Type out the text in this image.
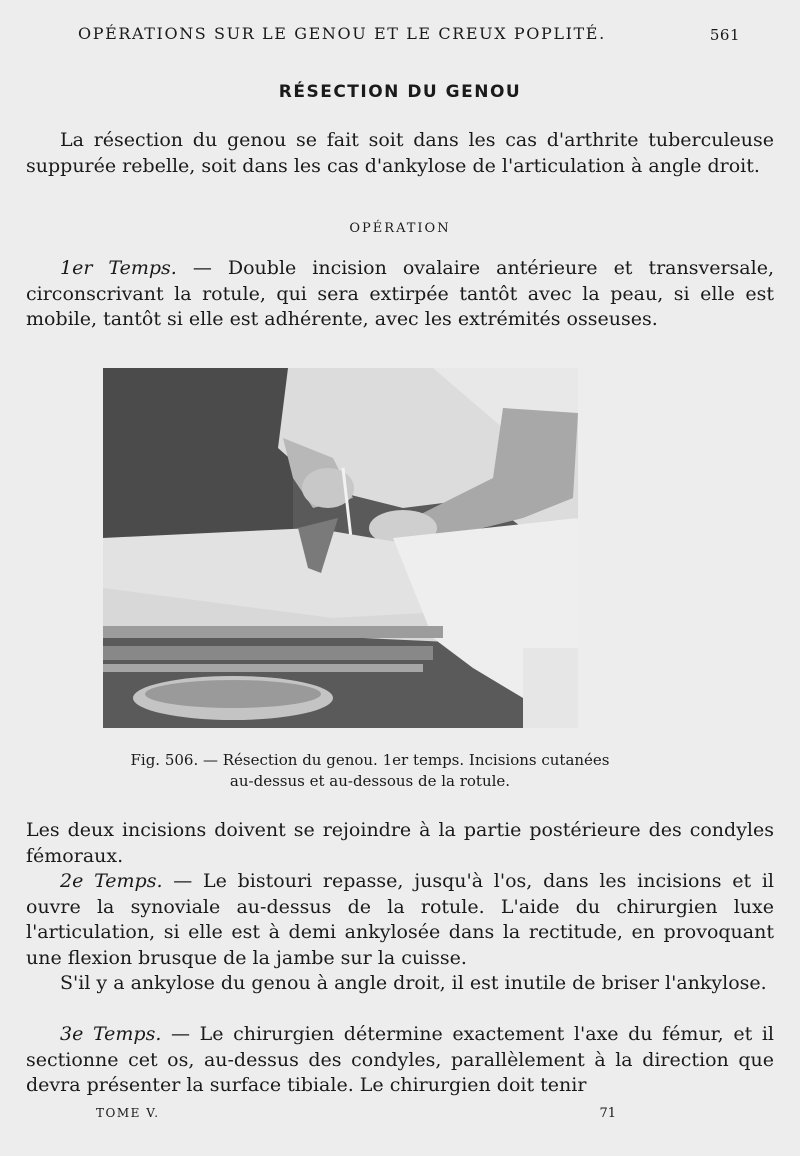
OPÉRATIONS SUR LE GENOU ET LE CREUX POPLITÉ.	561
RÉSECTION DU GENOU

La résection du genou se fait soit dans les cas d'arthrite tuberculeuse suppurée rebelle, soit dans les cas d'ankylose de l'articulation à angle droit.

OPÉRATION

1er Temps. — Double incision ovalaire antérieure et transversale, circonscrivant la rotule, qui sera extirpée tantôt avec la peau, si elle est mobile, tantôt si elle est adhérente, avec les extrémités osseuses.

Fig. 506. — Résection du genou. 1er temps. Incisions cutanées
au-dessus et au-dessous de la rotule.

Les deux incisions doivent se rejoindre à la partie postérieure des condyles fémoraux.

2e Temps. — Le bistouri repasse, jusqu'à l'os, dans les incisions et il ouvre la synoviale au-dessus de la rotule. L'aide du chirurgien luxe l'articulation, si elle est à demi ankylosée dans la rectitude, en provoquant une flexion brusque de la jambe sur la cuisse.

S'il y a ankylose du genou à angle droit, il est inutile de briser l'ankylose.

3e Temps. — Le chirurgien détermine exactement l'axe du fémur, et il sectionne cet os, au-dessus des condyles, parallèlement à la direction que devra présenter la surface tibiale. Le chirurgien doit tenir

TOME V.	71
